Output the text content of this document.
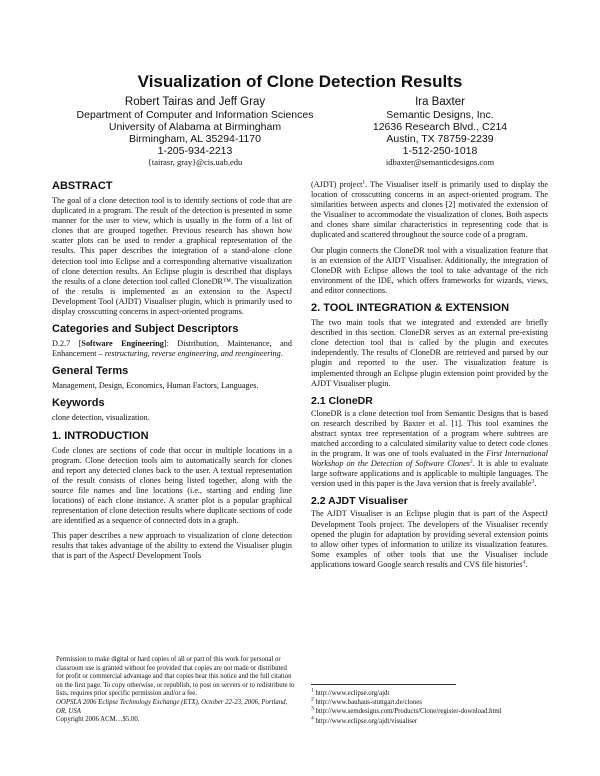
Visualization of Clone Detection Results
Robert Tairas and Jeff Gray
Department of Computer and Information Sciences
University of Alabama at Birmingham
Birmingham, AL 35294-1170
1-205-934-2213
{tairasr, gray}@cis.uab.edu
Ira Baxter
Semantic Designs, Inc.
12636 Research Blvd., C214
Austin, TX 78759-2239
1-512-250-1018
idbaxter@semanticdesigns.com
ABSTRACT

The goal of a clone detection tool is to identify sections of code that are duplicated in a program. The result of the detection is presented in some manner for the user to view, which is usually in the form of a list of clones that are grouped together. Previous research has shown how scatter plots can be used to render a graphical representation of the results. This paper describes the integration of a stand-alone clone detection tool into Eclipse and a corresponding alternative visualization of clone detection results. An Eclipse plugin is described that displays the results of a clone detection tool called CloneDR™. The visualization of the results is implemented as an extension to the AspectJ Development Tool (AJDT) Visualiser plugin, which is primarily used to display crosscutting concerns in aspect-oriented programs.

Categories and Subject Descriptors

D.2.7 [Software Engineering]: Distribution, Maintenance, and Enhancement – restructuring, reverse engineering, and reengineering.

General Terms

Management, Design, Economics, Human Factors, Languages.

Keywords

clone detection, visualization.

1. INTRODUCTION

Code clones are sections of code that occur in multiple locations in a program. Clone detection tools aim to automatically search for clones and report any detected clones back to the user. A textual representation of the result consists of clones being listed together, along with the source file names and line locations (i.e., starting and ending line locations) of each clone instance. A scatter plot is a popular graphical representation of clone detection results where duplicate sections of code are identified as a sequence of connected dots in a graph.

This paper describes a new approach to visualization of clone detection results that takes advantage of the ability to extend the Visualiser plugin that is part of the AspectJ Development Tools

Permission to make digital or hard copies of all or part of this work for personal or classroom use is granted without fee provided that copies are not made or distributed for profit or commercial advantage and that copies bear this notice and the full citation on the first page. To copy otherwise, or republish, to post on servers or to redistribute to lists, requires prior specific permission and/or a fee.
OOPSLA 2006 Eclipse Technology Exchange (ETX), October 22-23, 2006, Portland, OR, USA
Copyright 2006 ACM…$5.00.

(AJDT) project$^1$. The Visualiser itself is primarily used to display the location of crosscutting concerns in an aspect-oriented program. The similarities between aspects and clones [2] motivated the extension of the Visualiser to accommodate the visualization of clones. Both aspects and clones share similar characteristics in representing code that is duplicated and scattered throughout the source code of a program.

Our plugin connects the CloneDR tool with a visualization feature that is an extension of the AJDT Visualiser. Additionally, the integration of CloneDR with Eclipse allows the tool to take advantage of the rich environment of the IDE, which offers frameworks for wizards, views, and editor connections.

2. TOOL INTEGRATION & EXTENSION

The two main tools that we integrated and extended are briefly described in this section. CloneDR serves as an external pre-existing clone detection tool that is called by the plugin and executes independently. The results of CloneDR are retrieved and parsed by our plugin and reported to the user. The visualization feature is implemented through an Eclipse plugin extension point provided by the AJDT Visualiser plugin.

2.1 CloneDR

CloneDR is a clone detection tool from Semantic Designs that is based on research described by Baxter et al. [1]. This tool examines the abstract syntax tree representation of a program where subtrees are matched according to a calculated similarity value to detect code clones in the program. It was one of tools evaluated in the First International Workshop on the Detection of Software Clones$^2$. It is able to evaluate large software applications and is applicable to multiple languages. The version used in this paper is the Java version that is freely available$^3$.

2.2 AJDT Visualiser

The AJDT Visualiser is an Eclipse plugin that is part of the AspectJ Development Tools project. The developers of the Visualiser recently opened the plugin for adaptation by providing several extension points to allow other types of information to utilize its visualization features. Some examples of other tools that use the Visualiser include applications toward Google search results and CVS file histories$^4$.

$^1$ http://www.eclipse.org/ajdt
$^2$ http://www.bauhaus-stuttgart.de/clones
$^3$ http://www.semdesigns.com/Products/Clone/register-download.html
$^4$ http://www.eclipse.org/ajdt/visualiser
